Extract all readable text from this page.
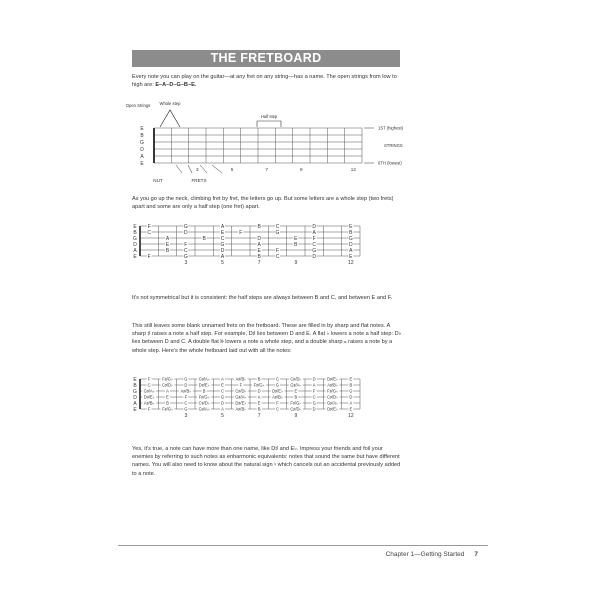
THE FRETBOARD
Every note you can play on the guitar—at any fret on any string—has a name. The open strings from low to high are: E–A–D–G–B–E.
Open Strings Whole step
Half step
E
B
G
D
A
E
1ST (highest)
STRINGS
6TH (lowest)
NUT	FRETS
3	5	7	9	12
As you go up the neck, climbing fret by fret, the letters go up. But some letters are a whole step (two frets) apart and some are only a half step (one fret) apart.
E
B
G
D
A
E
F	G	A	B	C	D	E
C	D	E	F	G	A	B
A	B	C	D	E	F	G
E	F	G	A	B	C	D
B	C	D	E	F	G	A
F	G	A	B	C	D	E
3	5	7	9	12
It's not symmetrical but it is consistent: the half steps are always between B and C, and between E and F.
This still leaves some blank unnamed frets on the fretboard. These are filled in by sharp and flat notes. A sharp ♯ raises a note a half step. For example, D♯ lies between D and E. A flat ♭ lowers a note a half step: D♭ lies between D and C. A double flat 𝄫 lowers a note a whole step, and a double sharp 𝄪 raises a note by a whole step. Here's the whole fretboard laid out with all the notes:
E
B
G
D
A
E
F	F♯/G♭	G	G♯/A♭	A	A♯/B♭	B	C	C♯/D♭	D	D♯/E♭	E
C	C♯/D♭	D	D♯/E♭	E	F	F♯/G♭	G	G♯/A♭	A	A♯/B♭	B
G♯/A♭	A	A♯/B♭	B	C	C♯/D♭	D	D♯/E♭	E	F	F♯/G♭	G
D♯/E♭	E	F	F♯/G♭	G	G♯/A♭	A	A♯/B♭	B	C	C♯/D♭	D
A♯/B♭	B	C	C♯/D♭	D	D♯/E♭	E	F	F♯/G♭	G	G♯/A♭	A
F	F♯/G♭	G	G♯/A♭	A	A♯/B♭	B	C	C♯/D♭	D	D♯/E♭	E
3	5	7	9	12
Yes, it's true, a note can have more than one name, like D♯ and E♭. Impress your friends and foil your enemies by referring to such notes as enharmonic equivalents: notes that sound the same but have different names. You will also need to know about the natural sign ♮ which cancels out an accidental previously added to a note.
Chapter 1—Getting Started 7
